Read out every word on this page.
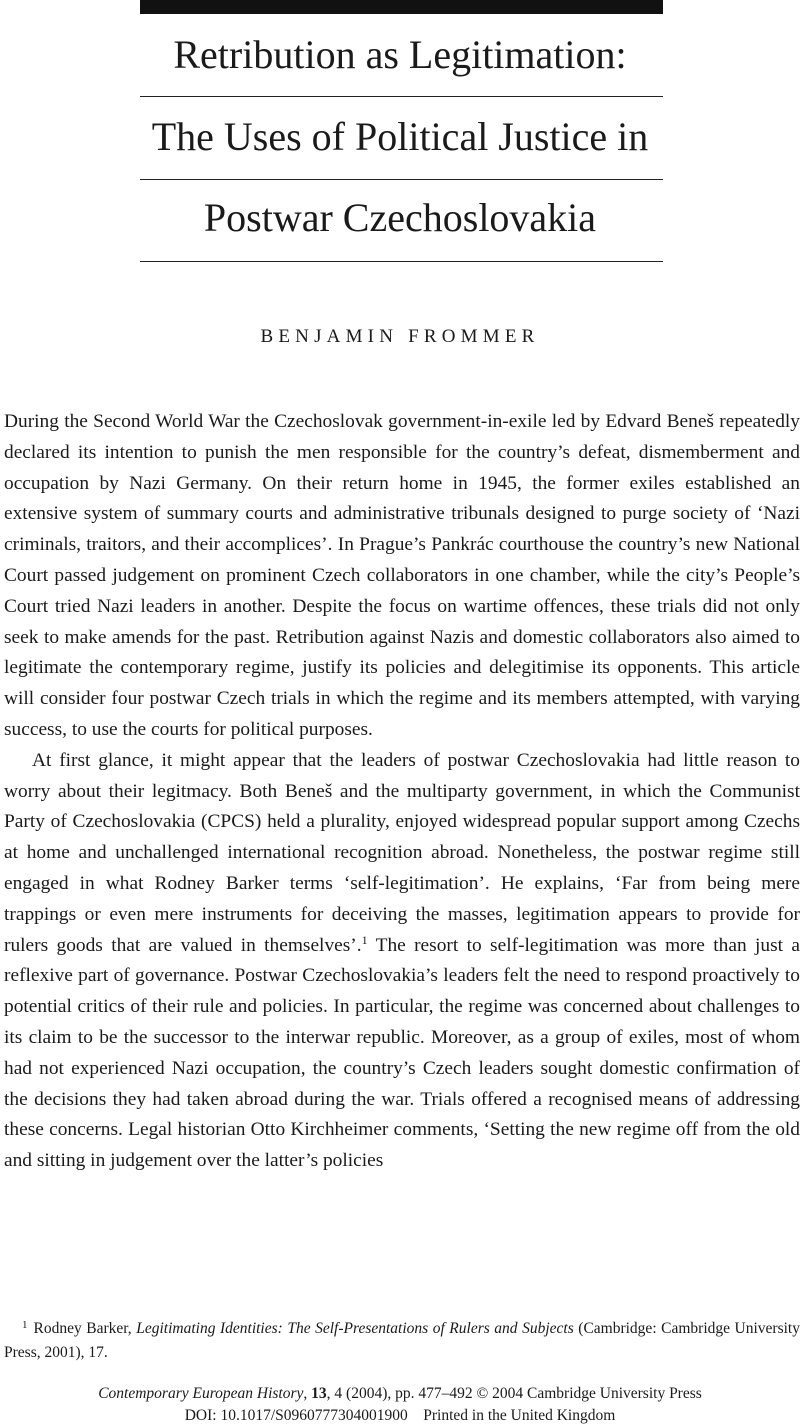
Retribution as Legitimation:
The Uses of Political Justice in
Postwar Czechoslovakia
BENJAMIN FROMMER

During the Second World War the Czechoslovak government-in-exile led by Edvard Beneš repeatedly declared its intention to punish the men responsible for the country’s defeat, dismemberment and occupation by Nazi Germany. On their return home in 1945, the former exiles established an extensive system of summary courts and administrative tribunals designed to purge society of ‘Nazi criminals, traitors, and their accomplices’. In Prague’s Pankrác courthouse the country’s new National Court passed judgement on prominent Czech collaborators in one chamber, while the city’s People’s Court tried Nazi leaders in another. Despite the focus on wartime offences, these trials did not only seek to make amends for the past. Retribution against Nazis and domestic collaborators also aimed to legitimate the contemporary regime, justify its policies and delegitimise its opponents. This article will consider four postwar Czech trials in which the regime and its members attempted, with varying success, to use the courts for political purposes.

At first glance, it might appear that the leaders of postwar Czechoslovakia had little reason to worry about their legitmacy. Both Beneš and the multiparty government, in which the Communist Party of Czechoslovakia (CPCS) held a plurality, enjoyed widespread popular support among Czechs at home and unchallenged international recognition abroad. Nonetheless, the postwar regime still engaged in what Rodney Barker terms ‘self-legitimation’. He explains, ‘Far from being mere trappings or even mere instruments for deceiving the masses, legitimation appears to provide for rulers goods that are valued in themselves’.$^1$ The resort to self-legitimation was more than just a reflexive part of governance. Postwar Czechoslovakia’s leaders felt the need to respond proactively to potential critics of their rule and policies. In particular, the regime was concerned about challenges to its claim to be the successor to the interwar republic. Moreover, as a group of exiles, most of whom had not experienced Nazi occupation, the country’s Czech leaders sought domestic confirmation of the decisions they had taken abroad during the war. Trials offered a recognised means of addressing these concerns. Legal historian Otto Kirchheimer comments, ‘Setting the new regime off from the old and sitting in judgement over the latter’s policies

$^1$ Rodney Barker, Legitimating Identities: The Self-Presentations of Rulers and Subjects (Cambridge: Cambridge University Press, 2001), 17.
Contemporary European History, 13, 4 (2004), pp. 477–492 © 2004 Cambridge University Press
DOI: 10.1017/S0960777304001900    Printed in the United Kingdom
